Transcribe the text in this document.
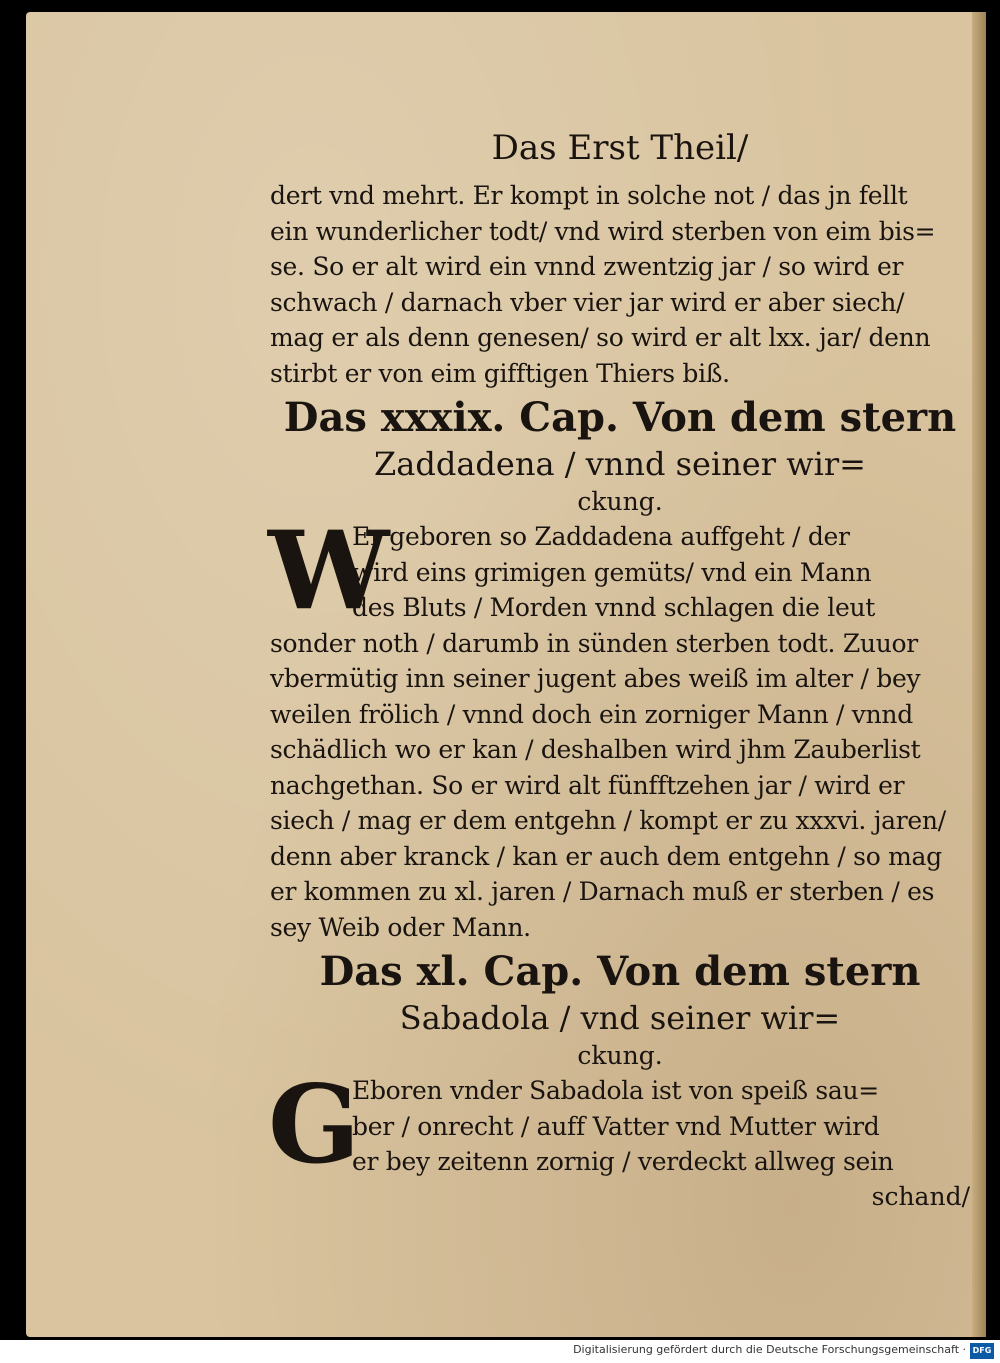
Das Erst Theil/
dert vnd mehrt. Er kompt in solche not / das jn fellt
ein wunderlicher todt/ vnd wird sterben von eim bis=
se. So er alt wird ein vnnd zwentzig jar / so wird er
schwach / darnach vber vier jar wird er aber siech/
mag er als denn genesen/ so wird er alt lxx. jar/ denn
stirbt er von eim gifftigen Thiers biß.
Das xxxix. Cap. Von dem stern
Zaddadena / vnnd seiner wir=
ckung.
W
Er geboren so Zaddadena auffgeht / der
wird eins grimigen gemüts/ vnd ein Mann
des Bluts / Morden vnnd schlagen die leut
sonder noth / darumb in sünden sterben todt. Zuuor
vbermütig inn seiner jugent abes weiß im alter / bey
weilen frölich / vnnd doch ein zorniger Mann / vnnd
schädlich wo er kan / deshalben wird jhm Zauberlist
nachgethan. So er wird alt fünfftzehen jar / wird er
siech / mag er dem entgehn / kompt er zu xxxvi. jaren/
denn aber kranck / kan er auch dem entgehn / so mag
er kommen zu xl. jaren / Darnach muß er sterben / es
sey Weib oder Mann.
Das xl. Cap. Von dem stern
Sabadola / vnd seiner wir=
ckung.
G
Eboren vnder Sabadola ist von speiß sau=
ber / onrecht / auff Vatter vnd Mutter wird
er bey zeitenn zornig / verdeckt allweg sein
schand/
Digitalisierung gefördert durch die Deutsche Forschungsgemeinschaft · DFG
